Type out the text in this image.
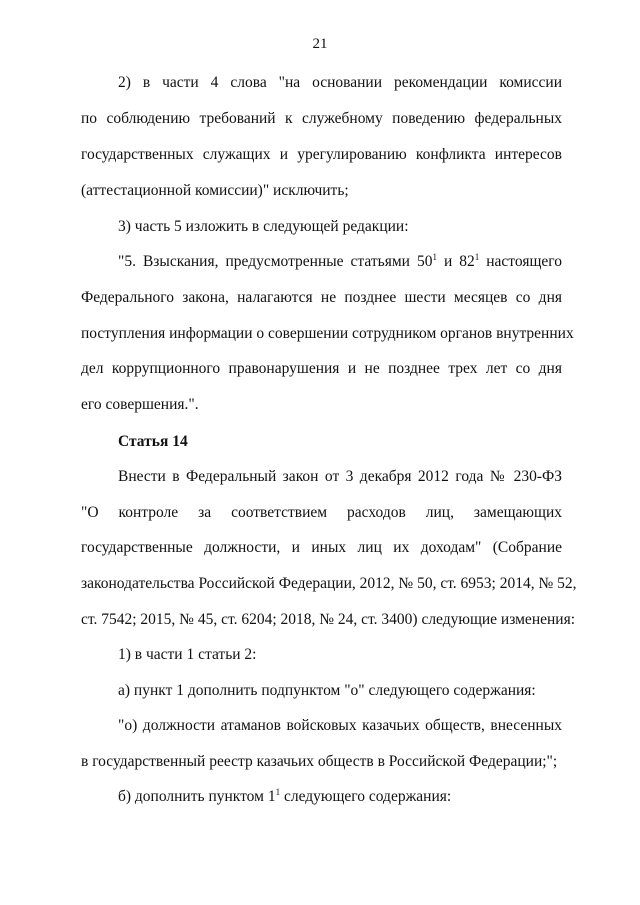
21
2) в части 4 слова "на основании рекомендации комиссии
по соблюдению требований к служебному поведению федеральных
государственных служащих и урегулированию конфликта интересов
(аттестационной комиссии)" исключить;
3) часть 5 изложить в следующей редакции:
"5. Взыскания, предусмотренные статьями $50^1$ и $82^1$ настоящего
Федерального закона, налагаются не позднее шести месяцев со дня
поступления информации о совершении сотрудником органов внутренних
дел коррупционного правонарушения и не позднее трех лет со дня
его совершения.".
Статья 14
Внести в Федеральный закон от 3 декабря 2012 года № 230-ФЗ
"О контроле за соответствием расходов лиц, замещающих
государственные должности, и иных лиц их доходам" (Собрание
законодательства Российской Федерации, 2012, № 50, ст. 6953; 2014, № 52,
ст. 7542; 2015, № 45, ст. 6204; 2018, № 24, ст. 3400) следующие изменения:
1) в части 1 статьи 2:
а) пункт 1 дополнить подпунктом "о" следующего содержания:
"о) должности атаманов войсковых казачьих обществ, внесенных
в государственный реестр казачьих обществ в Российской Федерации;";
б) дополнить пунктом $1^1$ следующего содержания:
